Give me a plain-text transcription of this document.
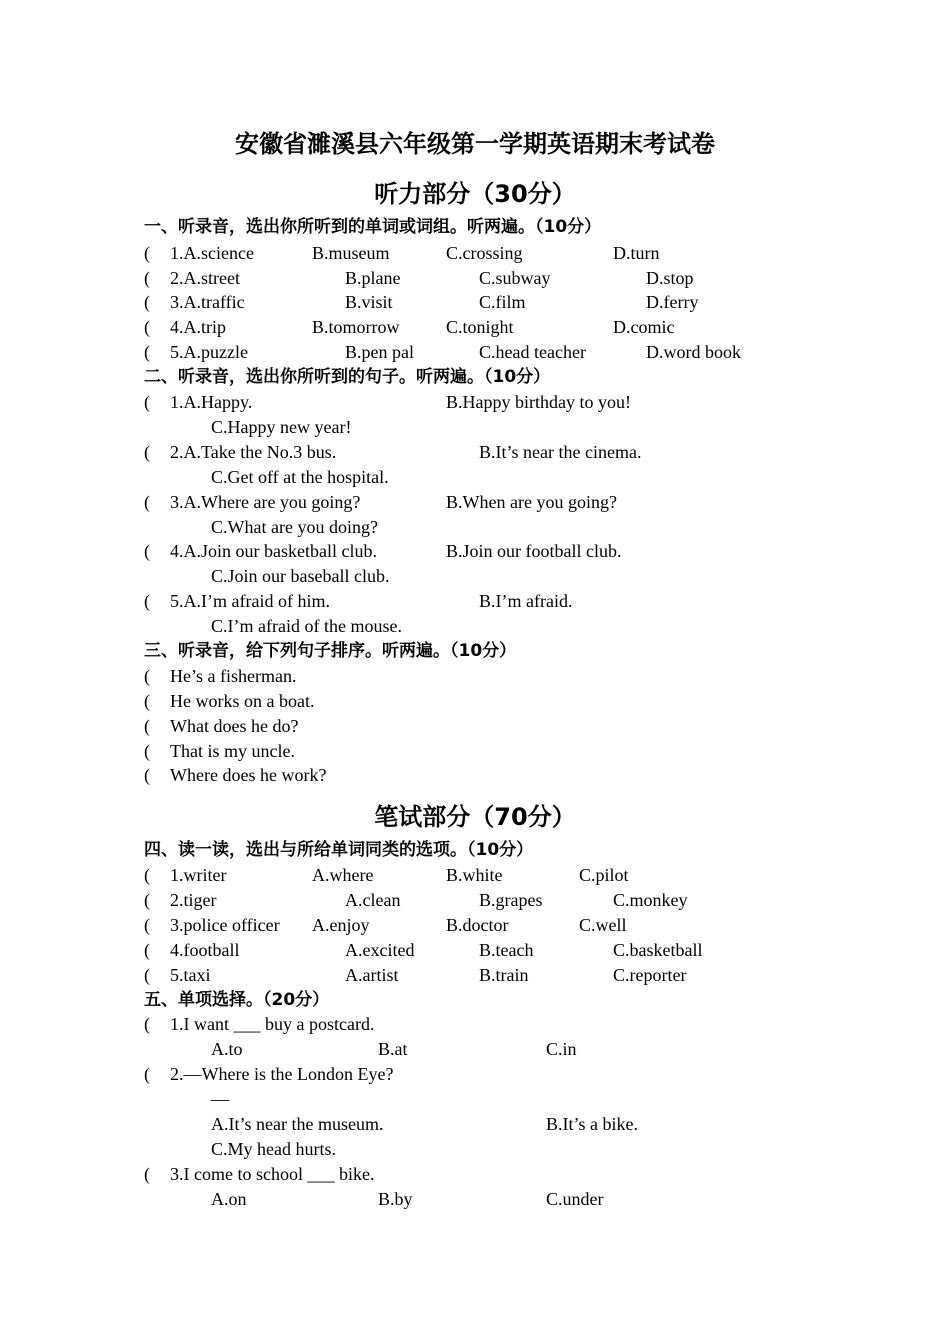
安徽省濉溪县六年级第一学期英语期末考试卷
听力部分（30分）
一、听录音，选出你所听到的单词或词组。听两遍。（10分）
( 1.A.science	B.museum	C.crossing	D.turn
( 2.A.street	B.plane	C.subway	D.stop
( 3.A.traffic	B.visit	C.film	D.ferry
( 4.A.trip	B.tomorrow	C.tonight	D.comic
( 5.A.puzzle	B.pen pal	C.head teacher	D.word book
二、听录音，选出你所听到的句子。听两遍。（10分）
( 1.A.Happy.	B.Happy birthday to you!
C.Happy new year!
( 2.A.Take the No.3 bus.	B.It’s near the cinema.
C.Get off at the hospital.
( 3.A.Where are you going?	B.When are you going?
C.What are you doing?
( 4.A.Join our basketball club.	B.Join our football club.
C.Join our baseball club.
( 5.A.I’m afraid of him.	B.I’m afraid.
C.I’m afraid of the mouse.
三、听录音，给下列句子排序。听两遍。（10分）
( He’s a fisherman.
( He works on a boat.
( What does he do?
( That is my uncle.
( Where does he work?
笔试部分（70分）
四、读一读，选出与所给单词同类的选项。（10分）
( 1.writer	A.where	B.white	C.pilot
( 2.tiger	A.clean	B.grapes	C.monkey
( 3.police officer A.enjoy	B.doctor	C.well
( 4.football	A.excited	B.teach	C.basketball
( 5.taxi	A.artist	B.train	C.reporter
五、单项选择。（20分）
( 1.I want ___ buy a postcard.
A.to	B.at	C.in
( 2.—Where is the London Eye?
—
A.It’s near the museum.	B.It’s a bike.
C.My head hurts.
( 3.I come to school ___ bike.
A.on	B.by	C.under
